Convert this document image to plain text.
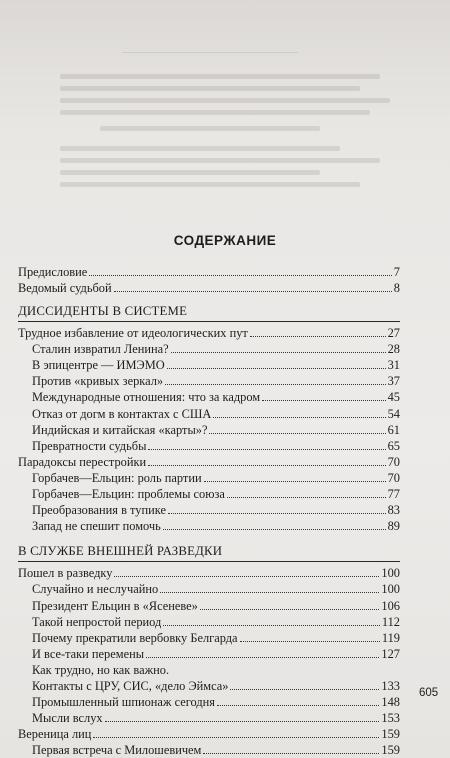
СОДЕРЖАНИЕ
Предисловие	7
Ведомый судьбой	8
ДИССИДЕНТЫ В СИСТЕМЕ
Трудное избавление от идеологических пут	27
Сталин извратил Ленина?	28
В эпицентре — ИМЭМО	31
Против «кривых зеркал»	37
Международные отношения: что за кадром	45
Отказ от догм в контактах с США	54
Индийская и китайская «карты»?	61
Превратности судьбы	65
Парадоксы перестройки	70
Горбачев—Ельцин: роль партии	70
Горбачев—Ельцин: проблемы союза	77
Преобразования в тупике	83
Запад не спешит помочь	89
В СЛУЖБЕ ВНЕШНЕЙ РАЗВЕДКИ
Пошел в разведку	100
Случайно и неслучайно	100
Президент Ельцин в «Ясеневе»	106
Такой непростой период	112
Почему прекратили вербовку Белгарда	119
И все-таки перемены	127
Как трудно, но как важно.
Контакты с ЦРУ, СИС, «дело Эймса»	133
Промышленный шпионаж сегодня	148
Мысли вслух	153
Вереница лиц	159
Первая встреча с Милошевичем	159
605
